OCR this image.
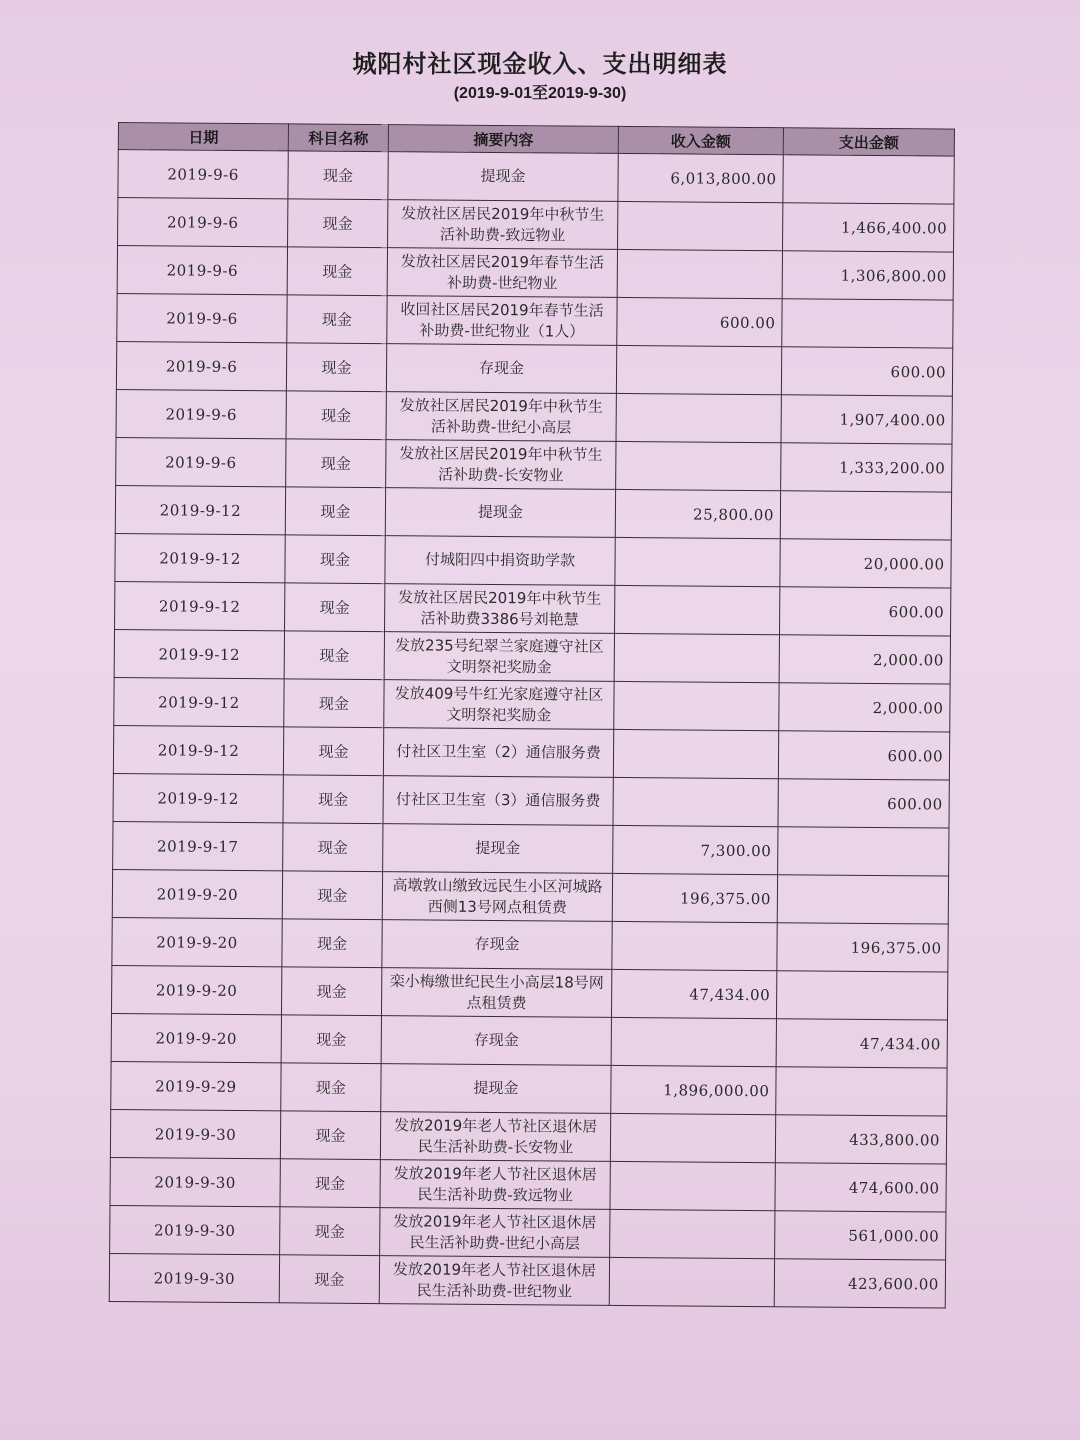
城阳村社区现金收入、支出明细表
(2019-9-01至2019-9-30)
日期	科目名称	摘要内容	收入金额	支出金额
2019-9-6	现金	提现金	6,013,800.00	
2019-9-6	现金	发放社区居民2019年中秋节生活补助费-致远物业		1,466,400.00
2019-9-6	现金	发放社区居民2019年春节生活补助费-世纪物业		1,306,800.00
2019-9-6	现金	收回社区居民2019年春节生活补助费-世纪物业（1人）	600.00	
2019-9-6	现金	存现金		600.00
2019-9-6	现金	发放社区居民2019年中秋节生活补助费-世纪小高层		1,907,400.00
2019-9-6	现金	发放社区居民2019年中秋节生活补助费-长安物业		1,333,200.00
2019-9-12	现金	提现金	25,800.00	
2019-9-12	现金	付城阳四中捐资助学款		20,000.00
2019-9-12	现金	发放社区居民2019年中秋节生活补助费3386号刘艳慧		600.00
2019-9-12	现金	发放235号纪翠兰家庭遵守社区文明祭祀奖励金		2,000.00
2019-9-12	现金	发放409号牛红光家庭遵守社区文明祭祀奖励金		2,000.00
2019-9-12	现金	付社区卫生室（2）通信服务费		600.00
2019-9-12	现金	付社区卫生室（3）通信服务费		600.00
2019-9-17	现金	提现金	7,300.00	
2019-9-20	现金	高墩敦山缴致远民生小区河城路西侧13号网点租赁费	196,375.00	
2019-9-20	现金	存现金		196,375.00
2019-9-20	现金	栾小梅缴世纪民生小高层18号网点租赁费	47,434.00	
2019-9-20	现金	存现金		47,434.00
2019-9-29	现金	提现金	1,896,000.00	
2019-9-30	现金	发放2019年老人节社区退休居民生活补助费-长安物业		433,800.00
2019-9-30	现金	发放2019年老人节社区退休居民生活补助费-致远物业		474,600.00
2019-9-30	现金	发放2019年老人节社区退休居民生活补助费-世纪小高层		561,000.00
2019-9-30	现金	发放2019年老人节社区退休居民生活补助费-世纪物业		423,600.00
